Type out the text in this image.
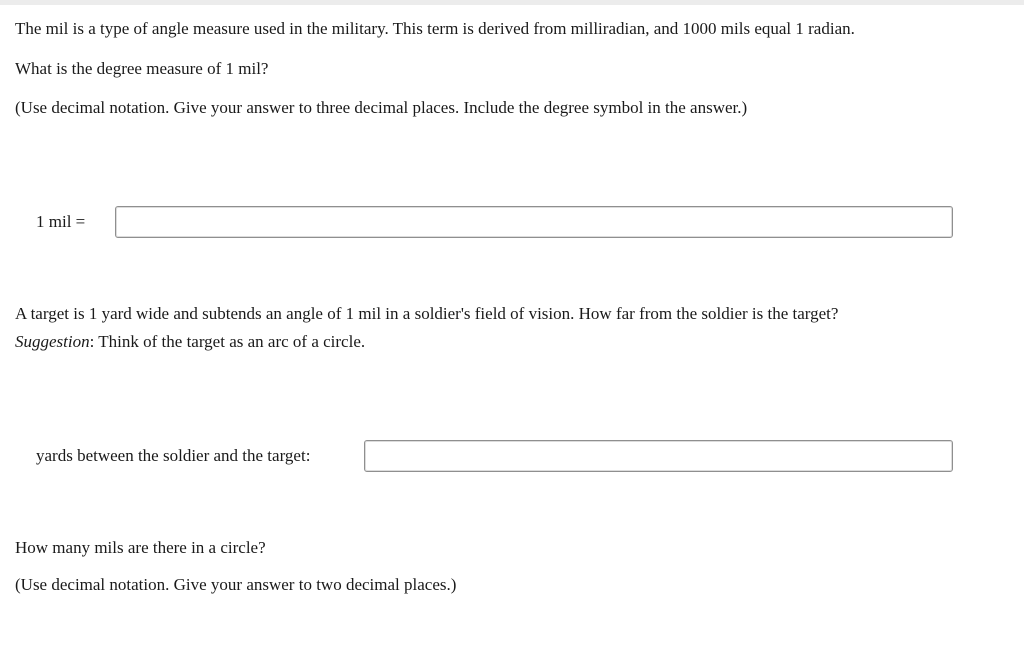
The mil is a type of angle measure used in the military. This term is derived from milliradian, and 1000 mils equal 1 radian.
What is the degree measure of 1 mil?
(Use decimal notation. Give your answer to three decimal places. Include the degree symbol in the answer.)
1 mil =
A target is 1 yard wide and subtends an angle of 1 mil in a soldier's field of vision. How far from the soldier is the target?
Suggestion: Think of the target as an arc of a circle.
yards between the soldier and the target:
How many mils are there in a circle?
(Use decimal notation. Give your answer to two decimal places.)
